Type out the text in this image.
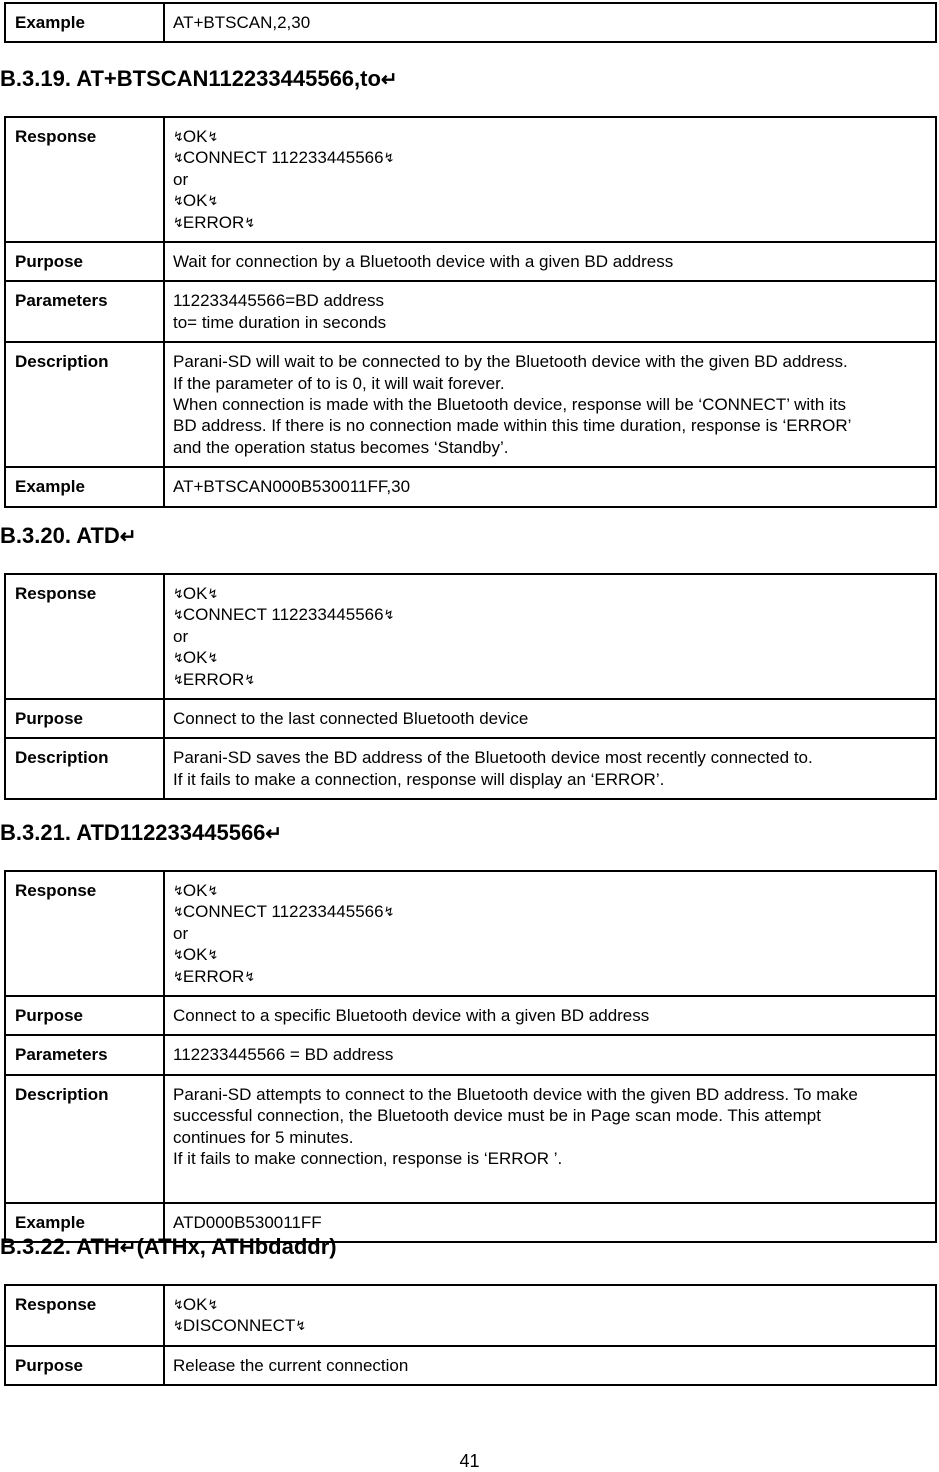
Example	AT+BTSCAN,2,30
B.3.19. AT+BTSCAN112233445566,to↵
Response	↯OK↯
↯CONNECT 112233445566↯
or
↯OK↯
↯ERROR↯

Purpose	Wait for connection by a Bluetooth device with a given BD address

Parameters	112233445566=BD address
to= time duration in seconds

Description	Parani-SD will wait to be connected to by the Bluetooth device with the given BD address.
If the parameter of to is 0, it will wait forever.
When connection is made with the Bluetooth device, response will be ‘CONNECT’ with its
BD address. If there is no connection made within this time duration, response is ‘ERROR’
and the operation status becomes ‘Standby’.

Example	AT+BTSCAN000B530011FF,30
B.3.20. ATD↵
Response	↯OK↯
↯CONNECT 112233445566↯
or
↯OK↯
↯ERROR↯

Purpose	Connect to the last connected Bluetooth device

Description	Parani-SD saves the BD address of the Bluetooth device most recently connected to.
If it fails to make a connection, response will display an ‘ERROR’.
B.3.21. ATD112233445566↵
Response	↯OK↯
↯CONNECT 112233445566↯
or
↯OK↯
↯ERROR↯

Purpose	Connect to a specific Bluetooth device with a given BD address

Parameters	112233445566 = BD address

Description	Parani-SD attempts to connect to the Bluetooth device with the given BD address. To make
successful connection, the Bluetooth device must be in Page scan mode. This attempt
continues for 5 minutes.
If it fails to make connection, response is ‘ERROR ’.

Example	ATD000B530011FF
B.3.22. ATH↵(ATHx, ATHbdaddr)
Response	↯OK↯
↯DISCONNECT↯

Purpose	Release the current connection
41
